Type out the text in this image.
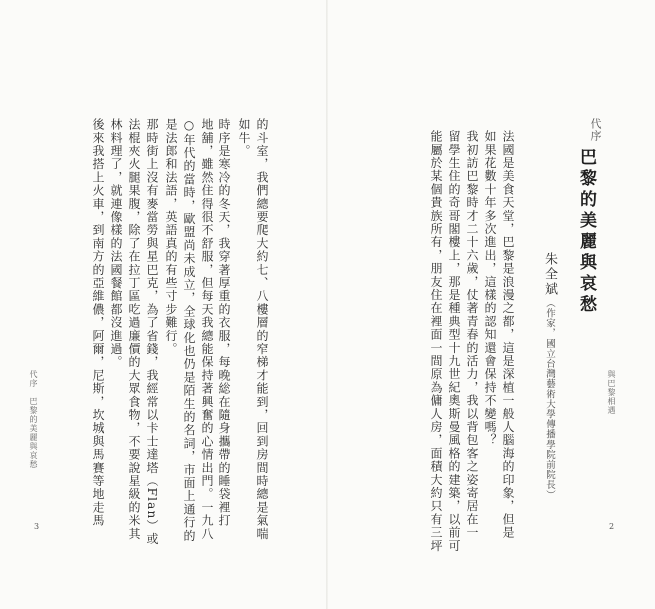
的斗室，我們總要爬大約七、八樓層的窄梯才能到，回到房間時總是氣喘
如牛。
時序是寒冷的冬天，我穿著厚重的衣服，每晚総在隨身攜帶的睡袋裡打
地舖，雖然住得很不舒服，但每天我總能保持著興奮的心情出門。一九八
○年代的當時，歐盟尚未成立，全球化也仍是陌生的名詞，市面上通行的
是法郎和法語，英語真的有些寸步難行。
那時街上沒有麥當勞與星巴克，為了省錢，我經常以卡士達塔（Flan）或
法棍夾火腿果腹，除了在拉丁區吃過廉價的大眾食物，不要說星級的米其
林料理了，就連像樣的法國餐館都沒進過。
後來我搭上火車，到南方的亞維儂，阿爾，尼斯，坎城與馬賽等地走馬
代序　巴黎的美麗與哀愁
3
代序
巴黎的美麗與哀愁
朱全斌
（作家，國立台灣藝術大學傳播學院前院長）
法國是美食天堂，巴黎是浪漫之都，這是深植一般人腦海的印象，但是
如果花數十年多次進出，這樣的認知還會保持不變嗎？
我初訪巴黎時才二十六歲，仗著青春的活力，我以背包客之姿寄居在一
留學生住的奇哥閣樓上，那是種典型十九世紀奧斯曼風格的建築，以前可
能屬於某個貴族所有，朋友住在裡面一間原為傭人房，面積大約只有三坪	與巴黎相遇
2
